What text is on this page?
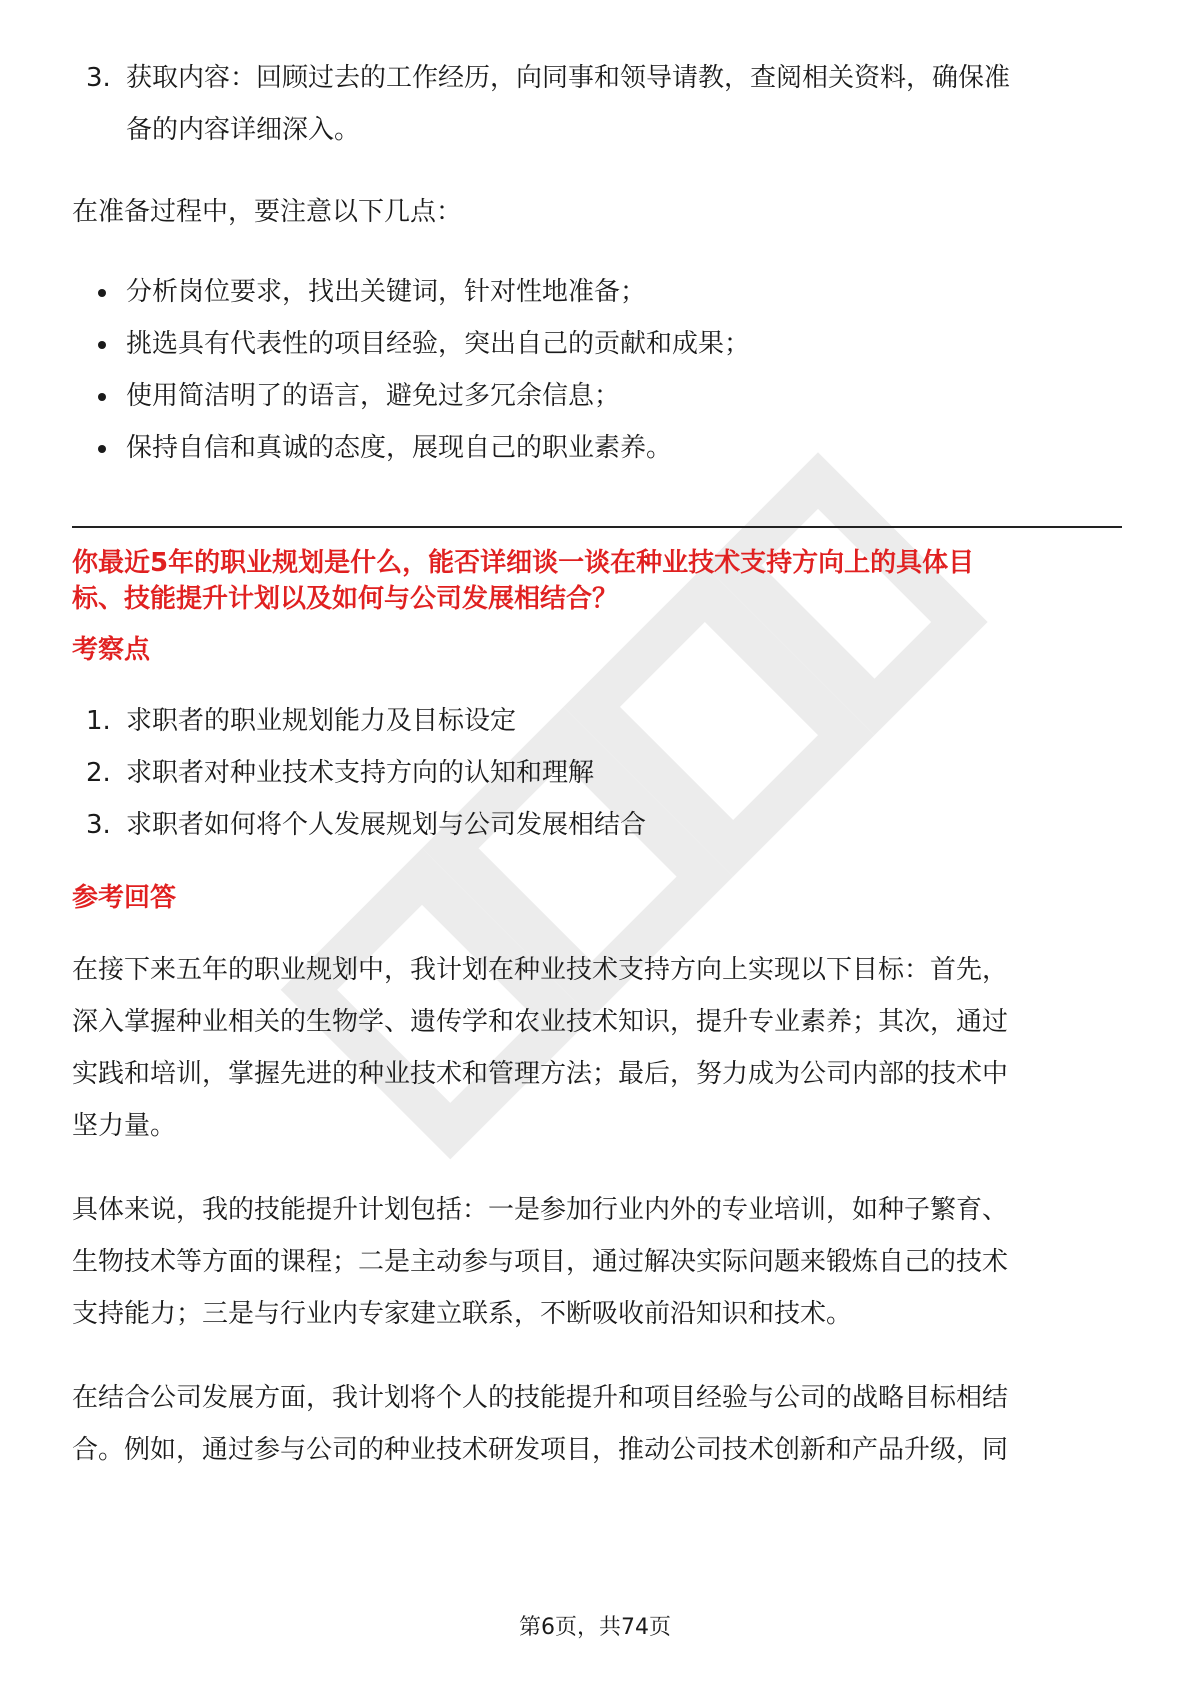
3. 获取内容：回顾过去的工作经历，向同事和领导请教，查阅相关资料，确保准
备的内容详细深入。

在准备过程中，要注意以下几点：

分析岗位要求，找出关键词，针对性地准备；
挑选具有代表性的项目经验，突出自己的贡献和成果；
使用简洁明了的语言，避免过多冗余信息；
保持自信和真诚的态度，展现自己的职业素养。

你最近5年的职业规划是什么，能否详细谈一谈在种业技术支持方向上的具体目

标、技能提升计划以及如何与公司发展相结合？

考察点

1. 求职者的职业规划能力及目标设定
2. 求职者对种业技术支持方向的认知和理解
3. 求职者如何将个人发展规划与公司发展相结合

参考回答

在接下来五年的职业规划中，我计划在种业技术支持方向上实现以下目标：首先，
深入掌握种业相关的生物学、遗传学和农业技术知识，提升专业素养；其次，通过
实践和培训，掌握先进的种业技术和管理方法；最后，努力成为公司内部的技术中
坚力量。
具体来说，我的技能提升计划包括：一是参加行业内外的专业培训，如种子繁育、
生物技术等方面的课程；二是主动参与项目，通过解决实际问题来锻炼自己的技术
支持能力；三是与行业内专家建立联系，不断吸收前沿知识和技术。
在结合公司发展方面，我计划将个人的技能提升和项目经验与公司的战略目标相结
合。例如，通过参与公司的种业技术研发项目，推动公司技术创新和产品升级，同
第6页，共74页
